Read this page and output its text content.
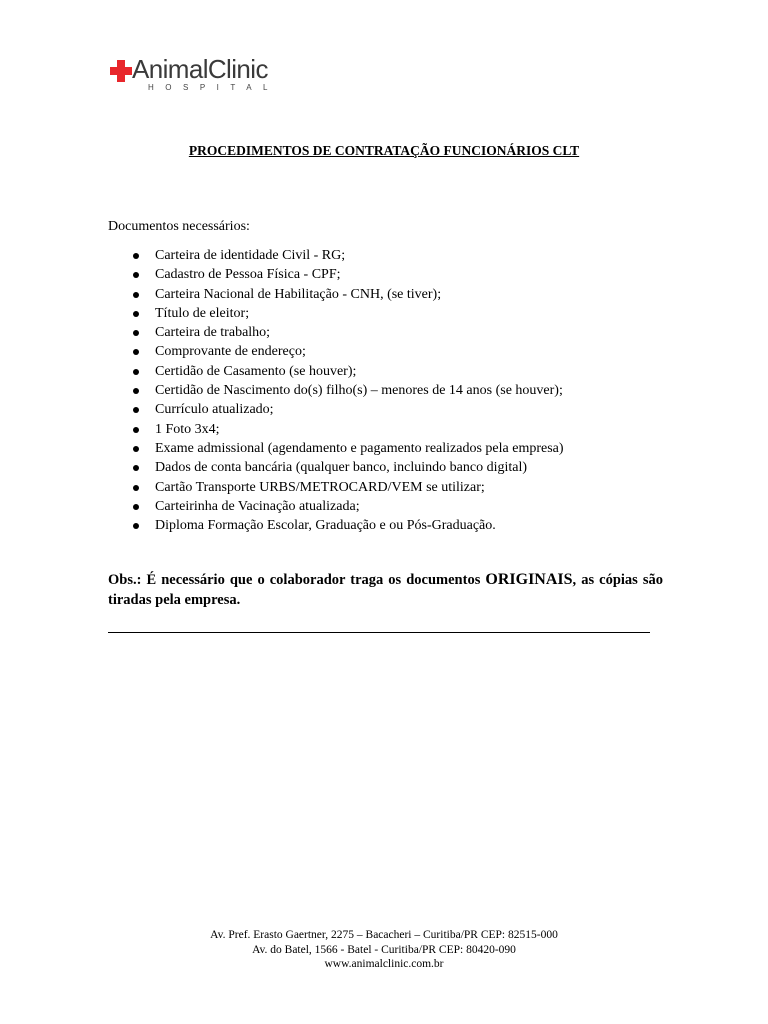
AnimalClinic
HOSPITAL
PROCEDIMENTOS DE CONTRATAÇÃO FUNCIONÁRIOS CLT
Documentos necessários:
Carteira de identidade Civil - RG;
Cadastro de Pessoa Física - CPF;
Carteira Nacional de Habilitação - CNH, (se tiver);
Título de eleitor;
Carteira de trabalho;
Comprovante de endereço;
Certidão de Casamento (se houver);
Certidão de Nascimento do(s) filho(s) – menores de 14 anos (se houver);
Currículo atualizado;
1 Foto 3x4;
Exame admissional (agendamento e pagamento realizados pela empresa)
Dados de conta bancária (qualquer banco, incluindo banco digital)
Cartão Transporte URBS/METROCARD/VEM se utilizar;
Carteirinha de Vacinação atualizada;
Diploma Formação Escolar, Graduação e ou Pós-Graduação.
Obs.: É necessário que o colaborador traga os documentos ORIGINAIS, as cópias são tiradas pela empresa.
Av. Pref. Erasto Gaertner, 2275 – Bacacheri – Curitiba/PR CEP: 82515-000
Av. do Batel, 1566 - Batel - Curitiba/PR CEP: 80420-090
www.animalclinic.com.br
